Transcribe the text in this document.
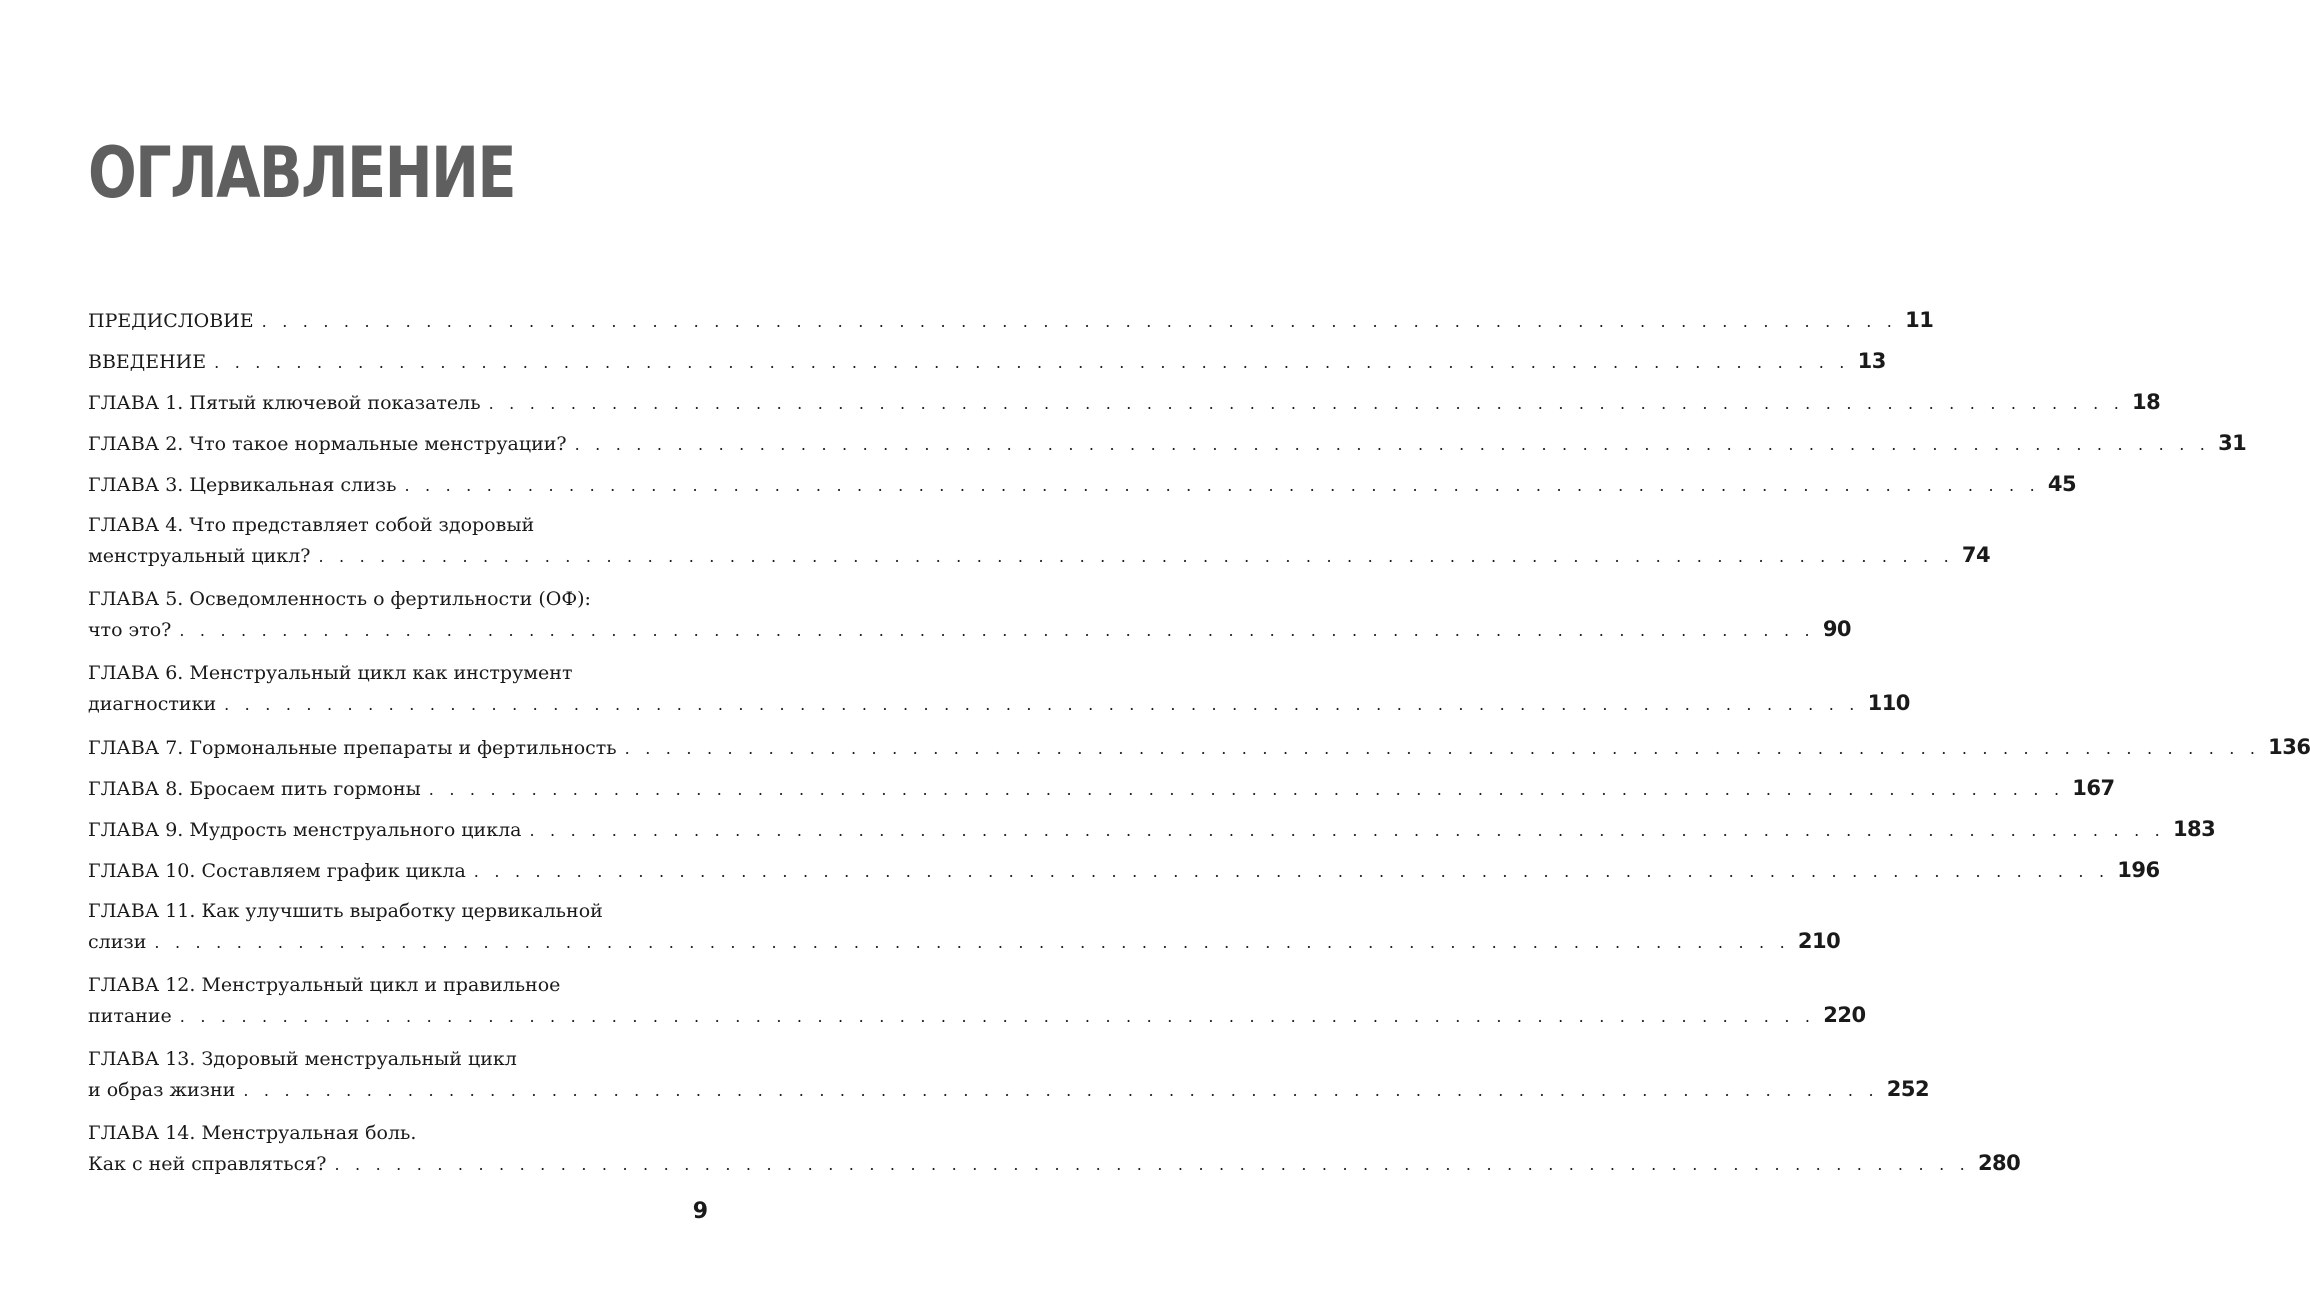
ОГЛАВЛЕНИЕ
ПРЕДИСЛОВИЕ . . . . . . . . . . . . . . . . . . . . . . . . . . . . . . . . . . . . . . . . . . . . . . . . . . . . . . . . . . . . . . . . . . . . . . . . . . . . . . . . 11
ВВЕДЕНИЕ . . . . . . . . . . . . . . . . . . . . . . . . . . . . . . . . . . . . . . . . . . . . . . . . . . . . . . . . . . . . . . . . . . . . . . . . . . . . . . . . 13
ГЛАВА 1. Пятый ключевой показатель . . . . . . . . . . . . . . . . . . . . . . . . . . . . . . . . . . . . . . . . . . . . . . . . . . . . . . . . . . . . . . . . . . . . . . . . . . . . . . . . 18
ГЛАВА 2. Что такое нормальные менструации? . . . . . . . . . . . . . . . . . . . . . . . . . . . . . . . . . . . . . . . . . . . . . . . . . . . . . . . . . . . . . . . . . . . . . . . . . . . . . . . . 31
ГЛАВА 3. Цервикальная слизь . . . . . . . . . . . . . . . . . . . . . . . . . . . . . . . . . . . . . . . . . . . . . . . . . . . . . . . . . . . . . . . . . . . . . . . . . . . . . . . . 45
ГЛАВА 4. Что представляет собой здоровый
менструальный цикл? . . . . . . . . . . . . . . . . . . . . . . . . . . . . . . . . . . . . . . . . . . . . . . . . . . . . . . . . . . . . . . . . . . . . . . . . . . . . . . . . 74
ГЛАВА 5. Осведомленность о фертильности (ОФ):
что это? . . . . . . . . . . . . . . . . . . . . . . . . . . . . . . . . . . . . . . . . . . . . . . . . . . . . . . . . . . . . . . . . . . . . . . . . . . . . . . . . 90
ГЛАВА 6. Менструальный цикл как инструмент
диагностики . . . . . . . . . . . . . . . . . . . . . . . . . . . . . . . . . . . . . . . . . . . . . . . . . . . . . . . . . . . . . . . . . . . . . . . . . . . . . . . . 110
ГЛАВА 7. Гормональные препараты и фертильность . . . . . . . . . . . . . . . . . . . . . . . . . . . . . . . . . . . . . . . . . . . . . . . . . . . . . . . . . . . . . . . . . . . . . . . . . . . . . . . . 136
ГЛАВА 8. Бросаем пить гормоны . . . . . . . . . . . . . . . . . . . . . . . . . . . . . . . . . . . . . . . . . . . . . . . . . . . . . . . . . . . . . . . . . . . . . . . . . . . . . . . . 167
ГЛАВА 9. Мудрость менструального цикла . . . . . . . . . . . . . . . . . . . . . . . . . . . . . . . . . . . . . . . . . . . . . . . . . . . . . . . . . . . . . . . . . . . . . . . . . . . . . . . . 183
ГЛАВА 10. Составляем график цикла . . . . . . . . . . . . . . . . . . . . . . . . . . . . . . . . . . . . . . . . . . . . . . . . . . . . . . . . . . . . . . . . . . . . . . . . . . . . . . . . 196
ГЛАВА 11. Как улучшить выработку цервикальной
слизи . . . . . . . . . . . . . . . . . . . . . . . . . . . . . . . . . . . . . . . . . . . . . . . . . . . . . . . . . . . . . . . . . . . . . . . . . . . . . . . . 210
ГЛАВА 12. Менструальный цикл и правильное
питание . . . . . . . . . . . . . . . . . . . . . . . . . . . . . . . . . . . . . . . . . . . . . . . . . . . . . . . . . . . . . . . . . . . . . . . . . . . . . . . . 220
ГЛАВА 13. Здоровый менструальный цикл
и образ жизни . . . . . . . . . . . . . . . . . . . . . . . . . . . . . . . . . . . . . . . . . . . . . . . . . . . . . . . . . . . . . . . . . . . . . . . . . . . . . . . . 252
ГЛАВА 14. Менструальная боль.
Как с ней справляться? . . . . . . . . . . . . . . . . . . . . . . . . . . . . . . . . . . . . . . . . . . . . . . . . . . . . . . . . . . . . . . . . . . . . . . . . . . . . . . . . 280
9
